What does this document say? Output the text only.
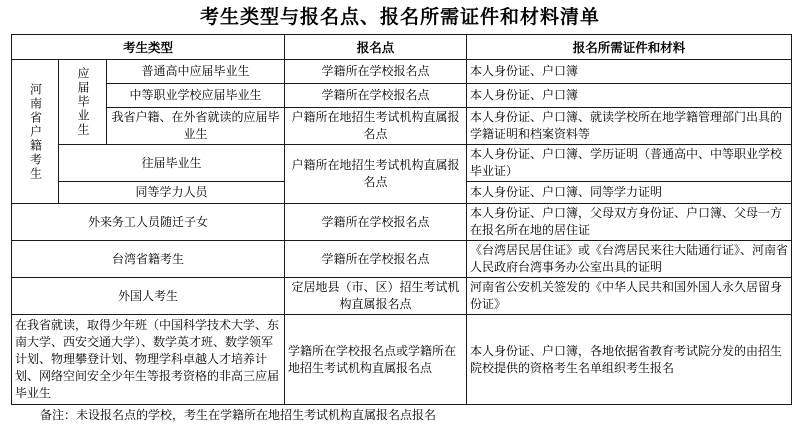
考生类型与报名点、报名所需证件和材料清单
考生类型			报名点	报名所需证件和材料
河南省户籍考生	应届毕业生	普通高中应届毕业生	学籍所在学校报名点	本人身份证、户口簿
		中等职业学校应届毕业生	学籍所在学校报名点	本人身份证、户口簿
		我省户籍、在外省就读的应届毕业生	户籍所在地招生考试机构直属报名点	本人身份证、户口簿、就读学校所在地学籍管理部门出具的学籍证明和档案资料等
	往届毕业生		户籍所在地招生考试机构直属报名点	本人身份证、户口簿、学历证明（普通高中、中等职业学校毕业证）
	同等学力人员			本人身份证、户口簿、同等学力证明
外来务工人员随迁子女			学籍所在学校报名点	本人身份证、户口簿，父母双方身份证、户口簿、父母一方在报名所在地的居住证
台湾省籍考生			学籍所在学校报名点	《台湾居民居住证》或《台湾居民来往大陆通行证》、河南省人民政府台湾事务办公室出具的证明
外国人考生			定居地县（市、区）招生考试机构直属报名点	河南省公安机关签发的《中华人民共和国外国人永久居留身份证》
在我省就读，取得少年班（中国科学技术大学、东南大学、西安交通大学）、数学英才班、数学领军计划、物理攀登计划、物理学科卓越人才培养计划、网络空间安全少年生等报考资格的非高三应届毕业生			学籍所在学校报名点或学籍所在地招生考试机构直属报名点	本人身份证、户口簿，各地依据省教育考试院分发的由招生院校提供的资格考生名单组织考生报名
备注：未设报名点的学校，考生在学籍所在地招生考试机构直属报名点报名
